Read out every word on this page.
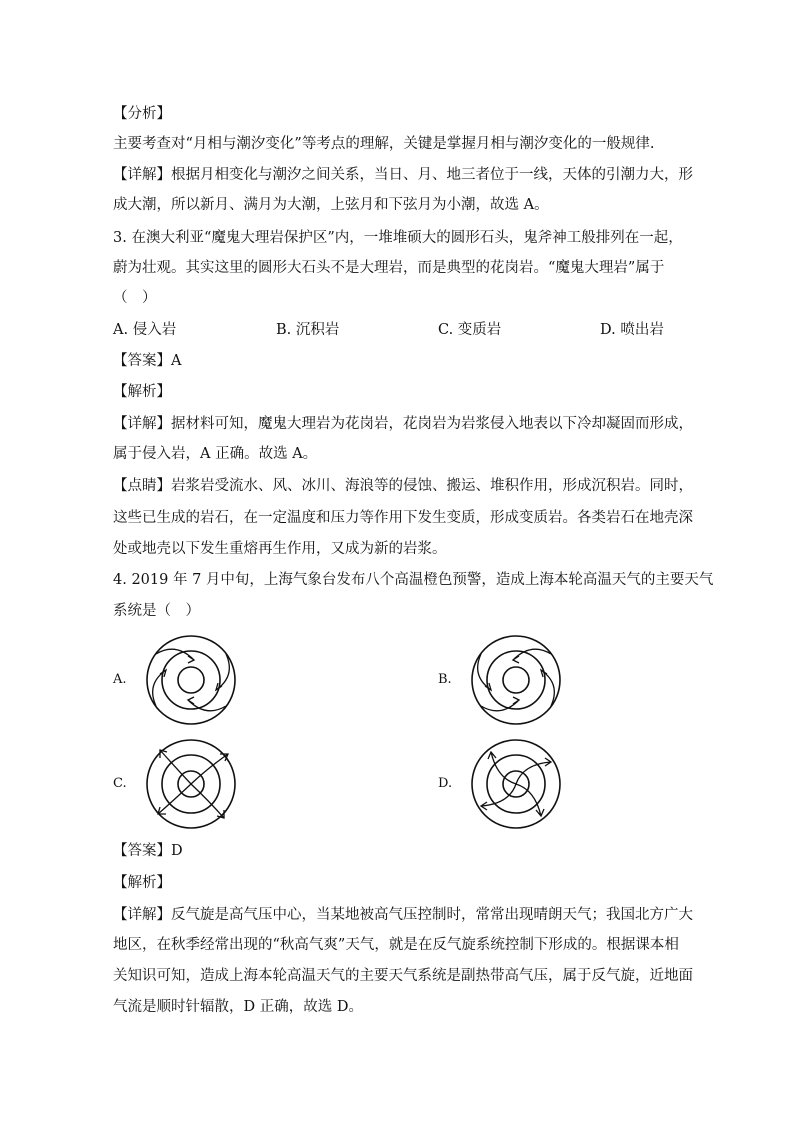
【分析】
主要考查对“月相与潮汐变化”等考点的理解，关键是掌握月相与潮汐变化的一般规律.
【详解】根据月相变化与潮汐之间关系，当日、月、地三者位于一线，天体的引潮力大，形
成大潮，所以新月、满月为大潮，上弦月和下弦月为小潮，故选 A。
3. 在澳大利亚“魔鬼大理岩保护区”内，一堆堆硕大的圆形石头，鬼斧神工般排列在一起，
蔚为壮观。其实这里的圆形大石头不是大理岩，而是典型的花岗岩。“魔鬼大理岩”属于
（　）
A. 侵入岩	B. 沉积岩	C. 变质岩	D. 喷出岩
【答案】A
【解析】
【详解】据材料可知，魔鬼大理岩为花岗岩，花岗岩为岩浆侵入地表以下冷却凝固而形成，
属于侵入岩，A 正确。故选 A。
【点睛】岩浆岩受流水、风、冰川、海浪等的侵蚀、搬运、堆积作用，形成沉积岩。同时，
这些已生成的岩石，在一定温度和压力等作用下发生变质，形成变质岩。各类岩石在地壳深
处或地壳以下发生重熔再生作用，又成为新的岩浆。
4. 2019 年 7 月中旬，上海气象台发布八个高温橙色预警，造成上海本轮高温天气的主要天气
系统是（　）
A.	B.
C.	D.
【答案】D
【解析】
【详解】反气旋是高气压中心，当某地被高气压控制时，常常出现晴朗天气；我国北方广大
地区，在秋季经常出现的“秋高气爽”天气，就是在反气旋系统控制下形成的。根据课本相
关知识可知，造成上海本轮高温天气的主要天气系统是副热带高气压，属于反气旋，近地面
气流是顺时针辐散，D 正确，故选 D。
